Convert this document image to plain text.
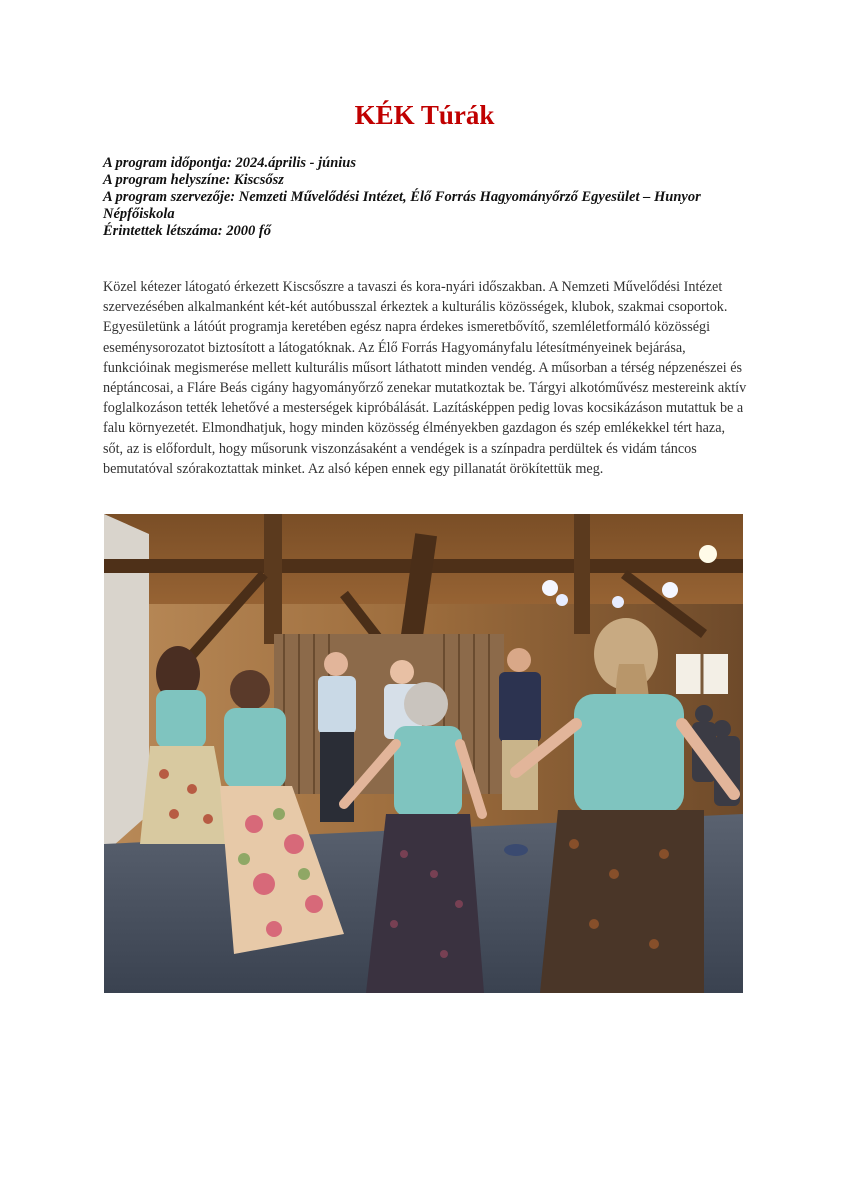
KÉK Túrák
A program időpontja: 2024.április - június
A program helyszíne: Kiscsősz
A program szervezője: Nemzeti Művelődési Intézet, Élő Forrás Hagyományőrző Egyesület – Hunyor Népfőiskola
Érintettek létszáma: 2000 fő
Közel kétezer látogató érkezett Kiscsőszre a tavaszi és kora-nyári időszakban. A Nemzeti Művelődési Intézet szervezésében alkalmanként két-két autóbusszal érkeztek a kulturális közösségek, klubok, szakmai csoportok. Egyesületünk a látóút programja keretében egész napra érdekes ismeretbővítő, szemléletformáló közösségi eseménysorozatot biztosított a látogatóknak. Az Élő Forrás Hagyományfalu létesítményeinek bejárása, funkcióinak megismerése mellett kulturális műsort láthatott minden vendég. A műsorban a térség népzenészei és néptáncosai, a Fláre Beás cigány hagyományőrző zenekar mutatkoztak be. Tárgyi alkotóművész mestereink aktív foglalkozáson tették lehetővé a mesterségek kipróbálását. Lazításképpen pedig lovas kocsikázáson mutattuk be a falu környezetét. Elmondhatjuk, hogy minden közösség élményekben gazdagon és szép emlékekkel tért haza, sőt, az is előfordult, hogy műsorunk viszonzásaként a vendégek is a színpadra perdültek és vidám táncos bemutatóval szórakoztattak minket. Az alsó képen ennek egy pillanatát örökítettük meg.
